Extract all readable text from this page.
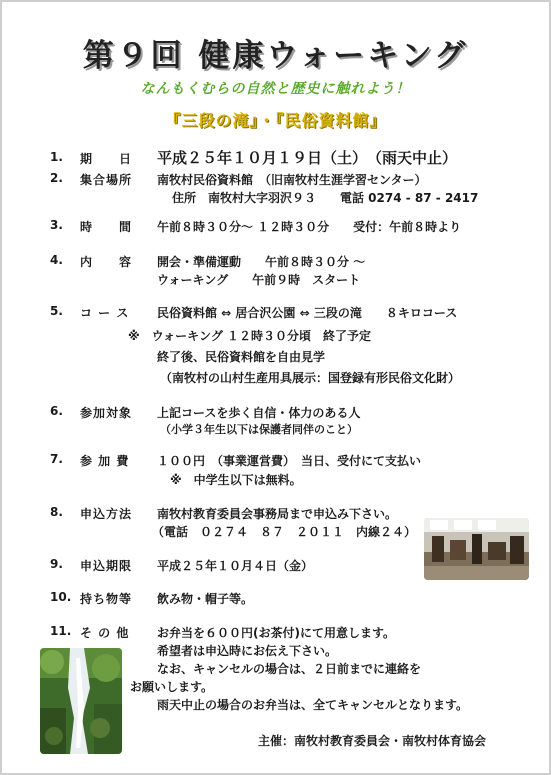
第９回 健康ウォーキング
なんもくむらの自然と歴史に触れよう！
『三段の滝』・『民俗資料館』
1. 期　　日 平成２５年１０月１９日（土）　（雨天中止）
2. 集合場所 南牧村民俗資料館　（旧南牧村生涯学習センター）
住所　南牧村大字羽沢９３　　電話 0274 - 87 - 2417
3. 時　　間 午前８時３０分～ １２時３０分　　受付：午前８時より
4. 内　　容 開会・準備運動　　午前８時３０分 ～
ウォーキング　　午前９時　スタート
5. コ ー ス 民俗資料館 ⇔ 居合沢公園 ⇔ 三段の滝　　８キロコース
※　ウォーキング １２時３０分頃　終了予定
終了後、民俗資料館を自由見学
（南牧村の山村生産用具展示：国登録有形民俗文化財）
6. 参加対象 上記コースを歩く自信・体力のある人
（小学３年生以下は保護者同伴のこと）
7. 参 加 費 １００円　（事業運営費）　当日、受付にて支払い
※　中学生以下は無料。
8. 申込方法 南牧村教育委員会事務局まで申込み下さい。
（電話　０２７４　８７　２０１１　内線２４）
9. 申込期限 平成２５年１０月４日（金）
10. 持ち物等 飲み物・帽子等。
11. そ の 他 お弁当を６００円(お茶付)にて用意します。
希望者は申込時にお伝え下さい。
なお、キャンセルの場合は、２日前までに連絡を
お願いします。
雨天中止の場合のお弁当は、全てキャンセルとなります。
主催：南牧村教育委員会・南牧村体育協会
